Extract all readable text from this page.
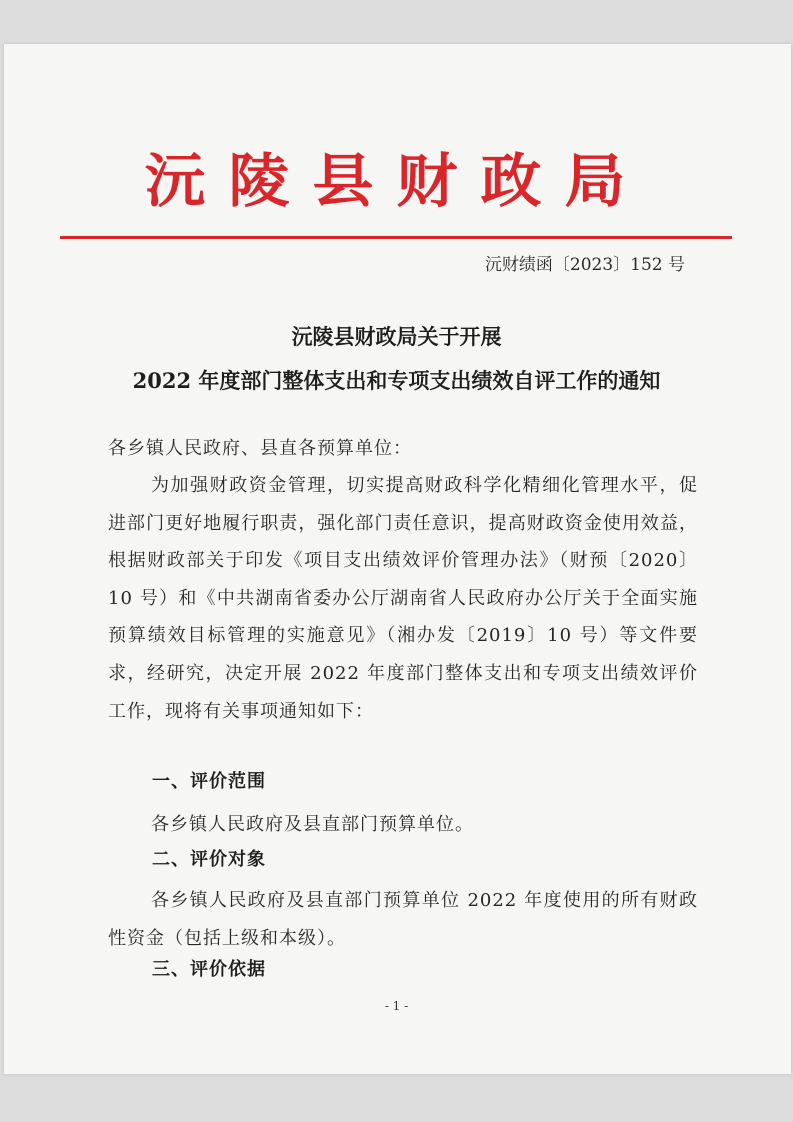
沅陵县财政局
沅财绩函〔2023〕152 号
沅陵县财政局关于开展
2022 年度部门整体支出和专项支出绩效自评工作的通知
各乡镇人民政府、县直各预算单位：
为加强财政资金管理，切实提高财政科学化精细化管理水平，促进部门更好地履行职责，强化部门责任意识，提高财政资金使用效益，根据财政部关于印发《项目支出绩效评价管理办法》（财预〔2020〕10 号）和《中共湖南省委办公厅湖南省人民政府办公厅关于全面实施预算绩效目标管理的实施意见》（湘办发〔2019〕10 号）等文件要求，经研究，决定开展 2022 年度部门整体支出和专项支出绩效评价工作，现将有关事项通知如下：
一、评价范围
各乡镇人民政府及县直部门预算单位。
二、评价对象
各乡镇人民政府及县直部门预算单位 2022 年度使用的所有财政性资金（包括上级和本级）。
三、评价依据
- 1 -
